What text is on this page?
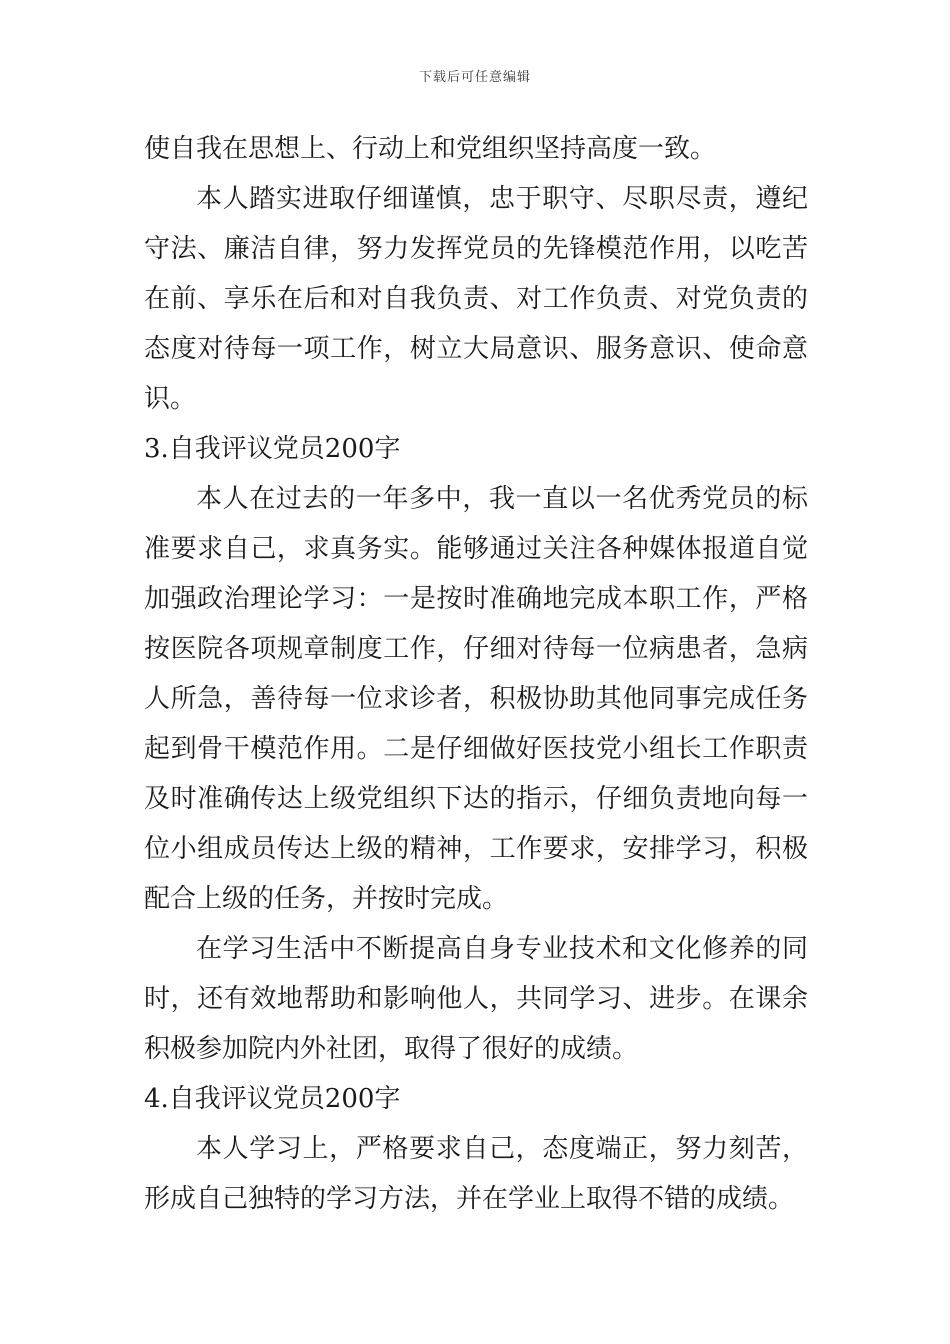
下载后可任意编辑

使自我在思想上、行动上和党组织坚持高度一致。

本人踏实进取仔细谨慎，忠于职守、尽职尽责，遵纪守法、廉洁自律，努力发挥党员的先锋模范作用，以吃苦在前、享乐在后和对自我负责、对工作负责、对党负责的态度对待每一项工作，树立大局意识、服务意识、使命意识。

3.自我评议党员200字

本人在过去的一年多中，我一直以一名优秀党员的标准要求自己，求真务实。能够通过关注各种媒体报道自觉加强政治理论学习：一是按时准确地完成本职工作，严格按医院各项规章制度工作，仔细对待每一位病患者，急病人所急，善待每一位求诊者，积极协助其他同事完成任务起到骨干模范作用。二是仔细做好医技党小组长工作职责及时准确传达上级党组织下达的指示，仔细负责地向每一位小组成员传达上级的精神，工作要求，安排学习，积极配合上级的任务，并按时完成。

在学习生活中不断提高自身专业技术和文化修养的同时，还有效地帮助和影响他人，共同学习、进步。在课余积极参加院内外社团，取得了很好的成绩。

4.自我评议党员200字

本人学习上，严格要求自己，态度端正，努力刻苦，形成自己独特的学习方法，并在学业上取得不错的成绩。
